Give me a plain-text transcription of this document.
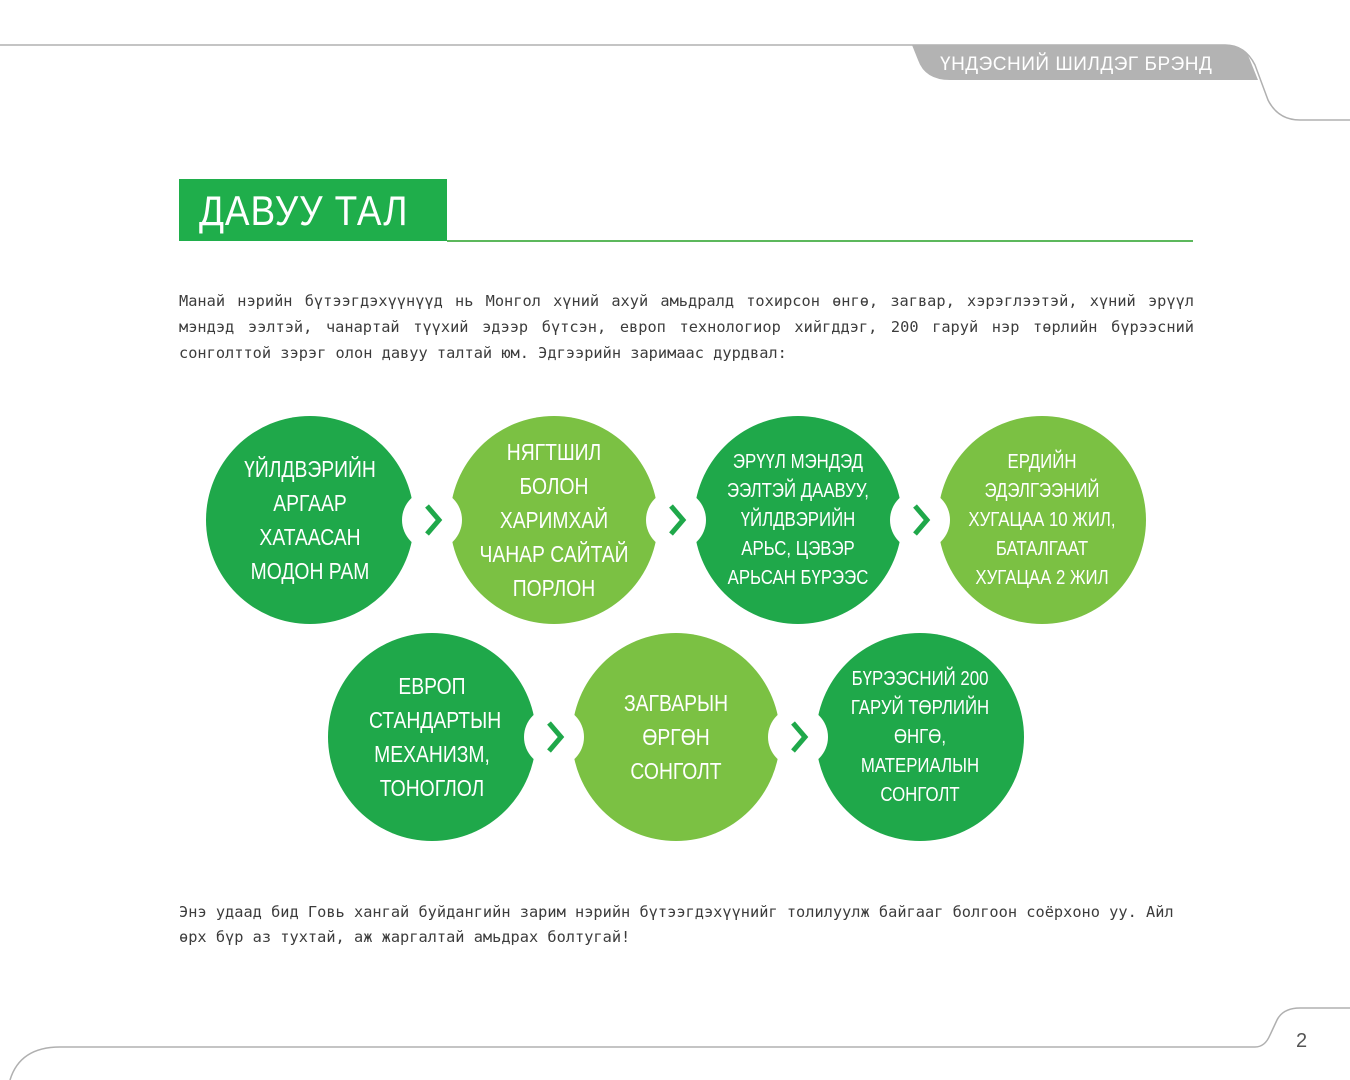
ҮНДЭСНИЙ ШИЛДЭГ БРЭНД
ДАВУУ ТАЛ

Манай нэрийн бүтээгдэхүүнүүд нь Монгол хүний ахуй амьдралд тохирсон өнгө, загвар, хэрэглээтэй, хүний эрүүл мэндэд ээлтэй, чанартай түүхий эдээр бүтсэн, европ технологиор хийгддэг, 200 гаруй нэр төрлийн бүрээсний сонголттой зэрэг олон давуу талтай юм. Эдгээрийн заримаас дурдвал:

ҮЙЛДВЭРИЙН АРГААР ХАТААСАН МОДОН РАМ
НЯГТШИЛ БОЛОН ХАРИМХАЙ ЧАНАР САЙТАЙ ПОРЛОН
ЭРҮҮЛ МЭНДЭД ЭЭЛТЭЙ ДААВУУ, ҮЙЛДВЭРИЙН АРЬС, ЦЭВЭР АРЬСАН БҮРЭЭС
ЕРДИЙН ЭДЭЛГЭЭНИЙ ХУГАЦАА 10 ЖИЛ, БАТАЛГААТ ХУГАЦАА 2 ЖИЛ
ЕВРОП СТАНДАРТЫН МЕХАНИЗМ, ТОНОГЛОЛ
ЗАГВАРЫН ӨРГӨН СОНГОЛТ
БҮРЭЭСНИЙ 200 ГАРУЙ ТӨРЛИЙН ӨНГӨ, МАТЕРИАЛЫН СОНГОЛТ

Энэ удаад бид Говь хангай буйдангийн зарим нэрийн бүтээгдэхүүнийг толилуулж байгааг болгоон соёрхоно уу. Айл өрх бүр аз тухтай, аж жаргалтай амьдрах болтугай!

2
